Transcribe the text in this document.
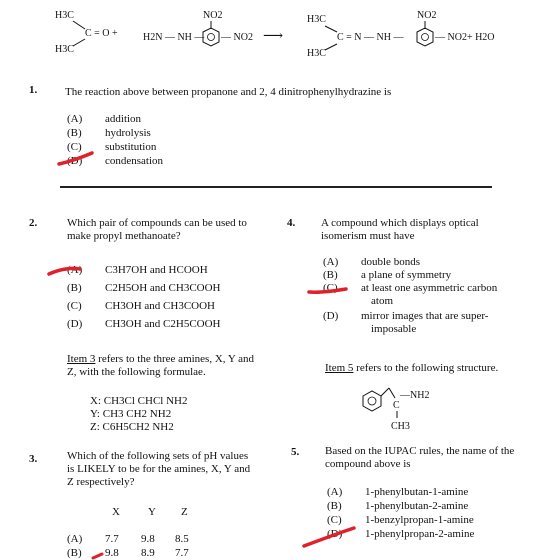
H3C
C = O +
H3C
H2N — NH —
NO2
— NO2 ⟶
H3C
C = N — NH —
H3C
NO2
— NO2+ H2O
1.	The reaction above between propanone and 2, 4 dinitrophenylhydrazine is
(A) addition
(B) hydrolysis
(C) substitution
(D) condensation
2.	Which pair of compounds can be used to
make propyl methanoate?
(A) C3H7OH and HCOOH
(B) C2H5OH and CH3COOH
(C) CH3OH and CH3COOH
(D) CH3OH and C2H5COOH
4. A compound which displays optical
isomerism must have
(A) double bonds
(B) a plane of symmetry
(C) at least one asymmetric carbon
atom
(D) mirror images that are super-
imposable
Item 3 refers to the three amines, X, Y and
Z, with the following formulae.
X: CH3Cl CHCl NH2
Y: CH3 CH2 NH2
Z: C6H5CH2 NH2
Item 5 refers to the following structure.
C
—NH2
CH3
3.	Which of the following sets of pH values
is LIKELY to be for the amines, X, Y and
Z respectively?
X	Y Z
(A) 7.7 9.8 8.5
(B) 9.8 8.9 7.7
5. Based on the IUPAC rules, the name of the
compound above is
(A) 1-phenylbutan-1-amine
(B) 1-phenylbutan-2-amine
(C) 1-benzylpropan-1-amine
(D) 1-phenylpropan-2-amine
